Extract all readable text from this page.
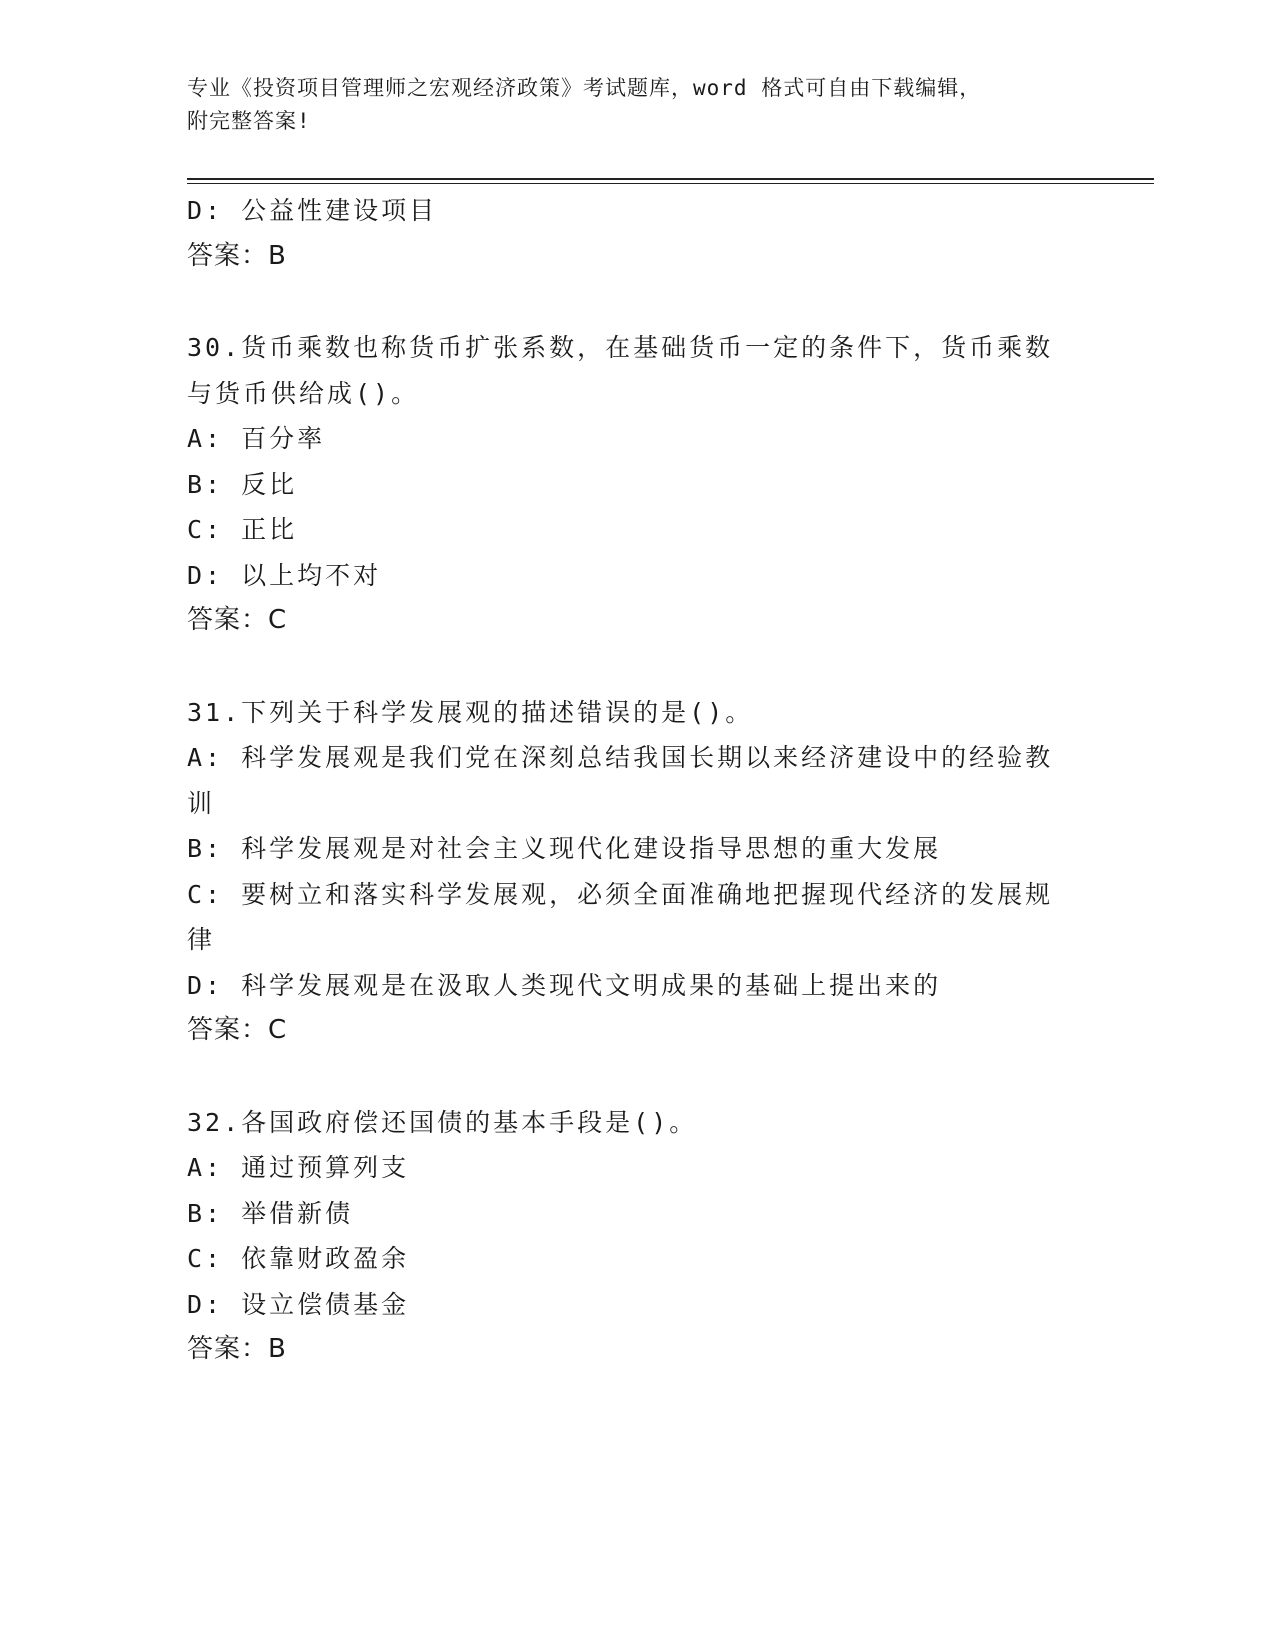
专业《投资项目管理师之宏观经济政策》考试题库，word 格式可自由下载编辑，
附完整答案!
D: 公益性建设项目
答案：B
30.货币乘数也称货币扩张系数，在基础货币一定的条件下，货币乘数
与货币供给成()。
A: 百分率
B: 反比
C: 正比
D: 以上均不对
答案：C
31.下列关于科学发展观的描述错误的是()。
A: 科学发展观是我们党在深刻总结我国长期以来经济建设中的经验教
训
B: 科学发展观是对社会主义现代化建设指导思想的重大发展
C: 要树立和落实科学发展观，必须全面准确地把握现代经济的发展规
律
D: 科学发展观是在汲取人类现代文明成果的基础上提出来的
答案：C
32.各国政府偿还国债的基本手段是()。
A: 通过预算列支
B: 举借新债
C: 依靠财政盈余
D: 设立偿债基金
答案：B
